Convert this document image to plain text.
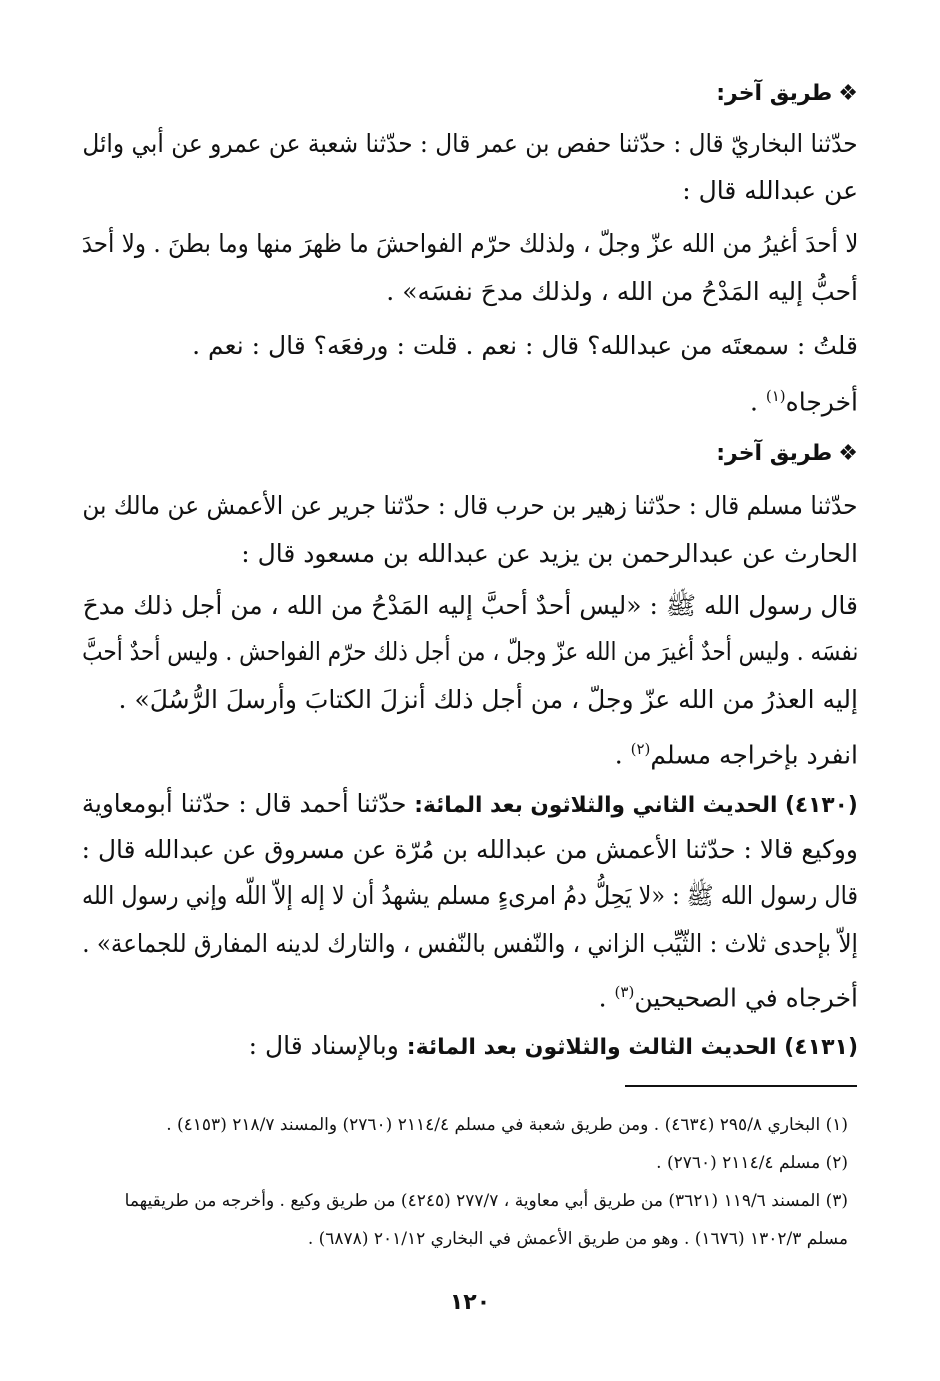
❖طريق آخر:
حدّثنا البخاريّ قال : حدّثنا حفص بن عمر قال : حدّثنا شعبة عن عمرو عن أبي وائل
عن عبدالله قال :
لا أحدَ أغيرُ من الله عزّ وجلّ ، ولذلك حرّم الفواحشَ ما ظهرَ منها وما بطنَ . ولا أحدَ
أحبُّ إليه المَدْحُ من الله ، ولذلك مدحَ نفسَه» .
قلتُ : سمعتَه من عبدالله؟ قال : نعم . قلت : ورفعَه؟ قال : نعم .
أخرجاه$^{(١)}$ .
❖طريق آخر:
حدّثنا مسلم قال : حدّثنا زهير بن حرب قال : حدّثنا جرير عن الأعمش عن مالك بن
الحارث عن عبدالرحمن بن يزيد عن عبدالله بن مسعود قال :
قال رسول الله ﷺ : «ليس أحدٌ أحبَّ إليه المَدْحُ من الله ، من أجل ذلك مدحَ
نفسَه . وليس أحدٌ أغيرَ من الله عزّ وجلّ ، من أجل ذلك حرّم الفواحش . وليس أحدٌ أحبَّ
إليه العذرُ من الله عزّ وجلّ ، من أجل ذلك أنزلَ الكتابَ وأرسلَ الرُّسُلَ» .
انفرد بإخراجه مسلم$^{(٢)}$ .
(٤١٣٠) الحديث الثاني والثلاثون بعد المائة: حدّثنا أحمد قال : حدّثنا أبومعاوية
ووكيع قالا : حدّثنا الأعمش من عبدالله بن مُرّة عن مسروق عن عبدالله قال :
قال رسول الله ﷺ : «لا يَحِلُّ دمُ امرىءٍ مسلم يشهدُ أن لا إله إلاّ اللّه وإني رسول الله
إلاّ بإحدى ثلاث : الثّيِّب الزاني ، والنّفس بالنّفس ، والتارك لدينه المفارق للجماعة» .
أخرجاه في الصحيحين$^{(٣)}$ .
(٤١٣١) الحديث الثالث والثلاثون بعد المائة: وبالإسناد قال :
(١) البخاري ٢٩٥/٨ (٤٦٣٤) . ومن طريق شعبة في مسلم ٢١١٤/٤ (٢٧٦٠) والمسند ٢١٨/٧ (٤١٥٣) .
(٢) مسلم ٢١١٤/٤ (٢٧٦٠) .
(٣) المسند ١١٩/٦ (٣٦٢١) من طريق أبي معاوية ، ٢٧٧/٧ (٤٢٤٥) من طريق وكيع . وأخرجه من طريقيهما
مسلم ١٣٠٢/٣ (١٦٧٦) . وهو من طريق الأعمش في البخاري ٢٠١/١٢ (٦٨٧٨) .
١٢٠
